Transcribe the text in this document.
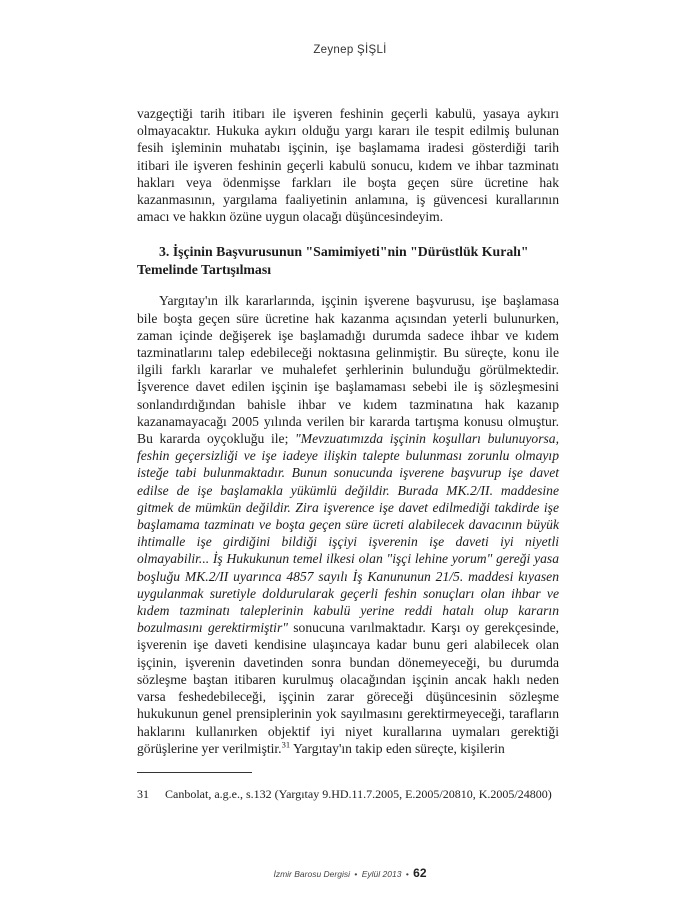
Zeynep ŞİŞLİ

vazgeçtiği tarih itibarı ile işveren feshinin geçerli kabulü, yasaya aykırı olmayacaktır. Hukuka aykırı olduğu yargı kararı ile tespit edilmiş bulunan fesih işleminin muhatabı işçinin, işe başlamama iradesi gösterdiği tarih itibari ile işveren feshinin geçerli kabulü sonucu, kıdem ve ihbar tazminatı hakları veya ödenmişse farkları ile boşta geçen süre ücretine hak kazanmasının, yargılama faaliyetinin anlamına, iş güvencesi kurallarının amacı ve hakkın özüne uygun olacağı düşüncesindeyim.

3. İşçinin Başvurusunun "Samimiyeti"nin "Dürüstlük Kuralı" Temelinde Tartışılması

Yargıtay'ın ilk kararlarında, işçinin işverene başvurusu, işe başlamasa bile boşta geçen süre ücretine hak kazanma açısından yeterli bulunurken, zaman içinde değişerek işe başlamadığı durumda sadece ihbar ve kıdem tazminatlarını talep edebileceği noktasına gelinmiştir. Bu süreçte, konu ile ilgili farklı kararlar ve muhalefet şerhlerinin bulunduğu görülmektedir. İşverence davet edilen işçinin işe başlamaması sebebi ile iş sözleşmesini sonlandırdığından bahisle ihbar ve kıdem tazminatına hak kazanıp kazanamayacağı 2005 yılında verilen bir kararda tartışma konusu olmuştur. Bu kararda oyçokluğu ile; "Mevzuatımızda işçinin koşulları bulunuyorsa, feshin geçersizliği ve işe iadeye ilişkin talepte bulunması zorunlu olmayıp isteğe tabi bulunmaktadır. Bunun sonucunda işverene başvurup işe davet edilse de işe başlamakla yükümlü değildir. Burada MK.2/II. maddesine gitmek de mümkün değildir. Zira işverence işe davet edilmediği takdirde işe başlamama tazminatı ve boşta geçen süre ücreti alabilecek davacının büyük ihtimalle işe girdiğini bildiği işçiyi işverenin işe daveti iyi niyetli olmayabilir... İş Hukukunun temel ilkesi olan "işçi lehine yorum" gereği yasa boşluğu MK.2/II uyarınca 4857 sayılı İş Kanununun 21/5. maddesi kıyasen uygulanmak suretiyle doldurularak geçerli feshin sonuçları olan ihbar ve kıdem tazminatı taleplerinin kabulü yerine reddi hatalı olup kararın bozulmasını gerektirmiştir" sonucuna varılmaktadır. Karşı oy gerekçesinde, işverenin işe daveti kendisine ulaşıncaya kadar bunu geri alabilecek olan işçinin, işverenin davetinden sonra bundan dönemeyeceği, bu durumda sözleşme baştan itibaren kurulmuş olacağından işçinin ancak haklı neden varsa feshedebileceği, işçinin zarar göreceği düşüncesinin sözleşme hukukunun genel prensiplerinin yok sayılmasını gerektirmeyeceği, tarafların haklarını kullanırken objektif iyi niyet kurallarına uymaları gerektiği görüşlerine yer verilmiştir.$^{31}$ Yargıtay'ın takip eden süreçte, kişilerin

31 Canbolat, a.g.e., s.132 (Yargıtay 9.HD.11.7.2005, E.2005/20810, K.2005/24800)
İzmir Barosu Dergisi • Eylül 2013 • 62
